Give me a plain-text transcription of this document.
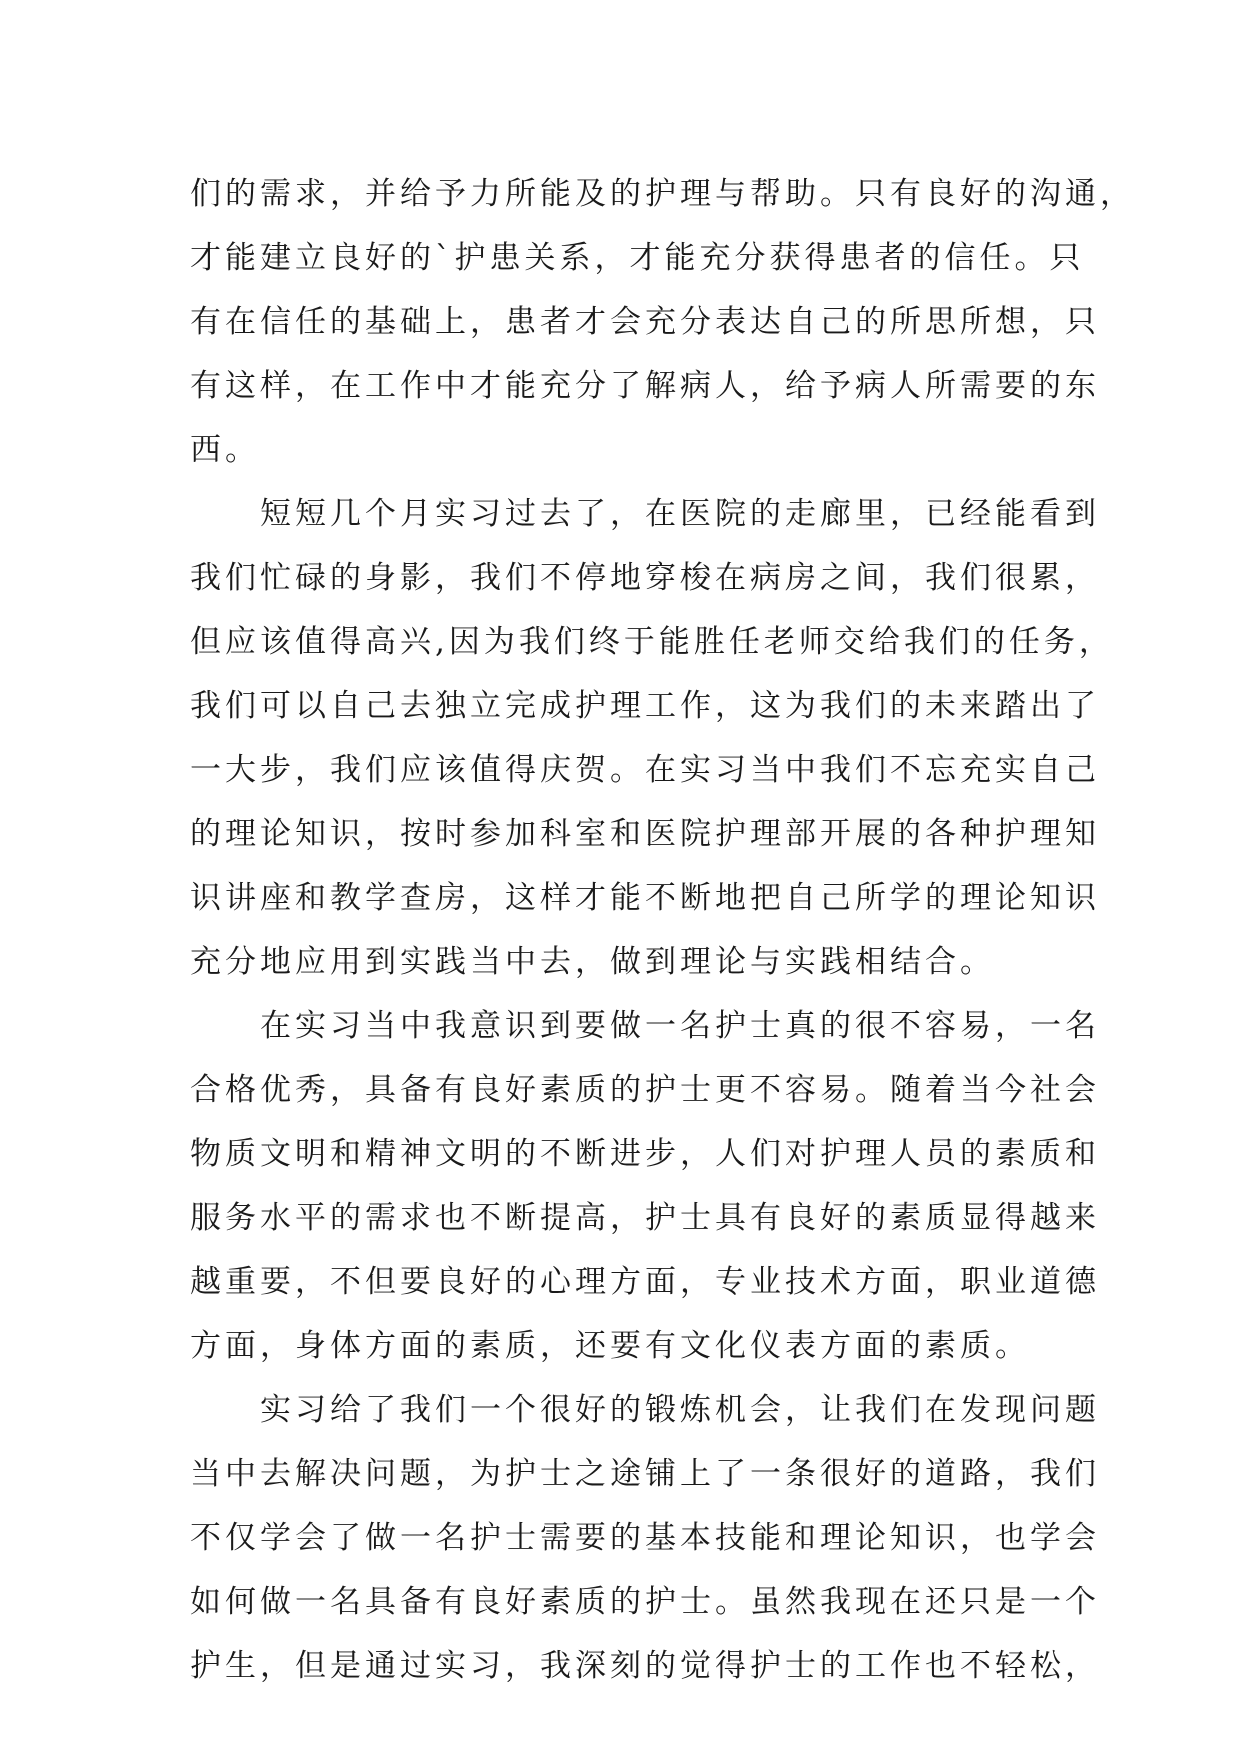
们的需求，并给予力所能及的护理与帮助。只有良好的沟通，
才能建立良好的`护患关系，才能充分获得患者的信任。只
有在信任的基础上，患者才会充分表达自己的所思所想，只
有这样，在工作中才能充分了解病人，给予病人所需要的东
西。
　　短短几个月实习过去了，在医院的走廊里，已经能看到
我们忙碌的身影，我们不停地穿梭在病房之间，我们很累，
但应该值得高兴,因为我们终于能胜任老师交给我们的任务，
我们可以自己去独立完成护理工作，这为我们的未来踏出了
一大步，我们应该值得庆贺。在实习当中我们不忘充实自己
的理论知识，按时参加科室和医院护理部开展的各种护理知
识讲座和教学查房，这样才能不断地把自己所学的理论知识
充分地应用到实践当中去，做到理论与实践相结合。
　　在实习当中我意识到要做一名护士真的很不容易，一名
合格优秀，具备有良好素质的护士更不容易。随着当今社会
物质文明和精神文明的不断进步，人们对护理人员的素质和
服务水平的需求也不断提高，护士具有良好的素质显得越来
越重要，不但要良好的心理方面，专业技术方面，职业道德
方面，身体方面的素质，还要有文化仪表方面的素质。
　　实习给了我们一个很好的锻炼机会，让我们在发现问题
当中去解决问题，为护士之途铺上了一条很好的道路，我们
不仅学会了做一名护士需要的基本技能和理论知识，也学会
如何做一名具备有良好素质的护士。虽然我现在还只是一个
护生，但是通过实习，我深刻的觉得护士的工作也不轻松，
